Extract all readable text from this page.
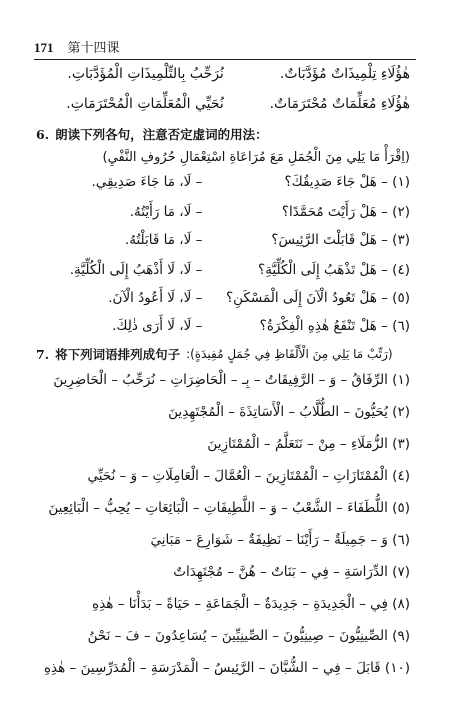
171 第十四课
هٰؤُلَاءِ تِلْمِيذَاتٌ مُؤَدَّبَاتٌ.
نُرَحِّبُ بِالتِّلْمِيذَاتِ الْمُؤَدَّبَاتِ.
هٰؤُلَاءِ مُعَلِّمَاتٌ مُحْتَرَمَاتٌ.
نُحَيِّي الْمُعَلِّمَاتِ الْمُحْتَرَمَاتِ.
6. 朗读下列各句，注意否定虚词的用法：
(اِقْرَأْ مَا يَلِي مِنَ الْجُمَلِ مَعَ مُرَاعَاةِ اسْتِعْمَالِ حُرُوفِ النَّفْيِ)
(١) – هَلْ جَاءَ صَدِيقُكَ؟
– لَا، مَا جَاءَ صَدِيقِي.
(٢) – هَلْ رَأَيْتَ مُحَمَّدًا؟
– لَا، مَا رَأَيْتُهُ.
(٣) – هَلْ قَابَلْتَ الرَّئِيسَ؟
– لَا، مَا قَابَلْتُهُ.
(٤) – هَلْ تَذْهَبُ إِلَى الْكُلِّيَّةِ؟
– لَا، لَا أَذْهَبُ إِلَى الْكُلِّيَّةِ.
(٥) – هَلْ تَعُودُ الْآنَ إِلَى الْمَسْكَنِ؟
– لَا، لَا أَعُودُ الْآنَ.
(٦) – هَلْ تَنْفَعُ هٰذِهِ الْفِكْرَةُ؟
– لَا، لَا أَرَى ذٰلِكَ.
7. 将下列词语排列成句子 (رَتِّبْ مَا يَلِي مِنَ الْأَلْفَاظِ فِي جُمَلٍ مُفِيدَةٍ):
(١) الرِّفَاقُ – وَ – الرَّفِيقَاتُ – بِـ – الْحَاضِرَاتِ – نُرَحِّبُ – الْحَاضِرِينَ
(٢) يُحَيُّونَ – الطُّلَّابُ – الْأَسَاتِذَةَ – الْمُجْتَهِدِينَ
(٣) الزُّمَلَاءِ – مِنْ – نَتَعَلَّمُ – الْمُمْتَازِينَ
(٤) الْمُمْتَازَاتِ – الْمُمْتَازِينَ – الْعُمَّالَ – الْعَامِلَاتِ – وَ – نُحَيِّي
(٥) اللُّطَفَاءَ – الشَّعْبُ – وَ – اللَّطِيفَاتِ – الْبَائِعَاتِ – يُحِبُّ – الْبَائِعِينَ
(٦) وَ – جَمِيلَةٌ – رَأَيْنَا – نَظِيفَةٌ – شَوَارِعَ – مَبَانِيَ
(٧) الدِّرَاسَةِ – فِي – بَنَاتٌ – هُنَّ – مُجْتَهِدَاتٌ
(٨) فِي – الْجَدِيدَةِ – جَدِيدَةٌ – الْجَمَاعَةِ – حَيَاةً – بَدَأْنَا – هٰذِهِ
(٩) الصِّينِيُّونَ – صِينِيُّونَ – الصِّينِيِّينَ – يُسَاعِدُونَ – فَ – نَحْنُ
(١٠) قَابَلَ – فِي – الشُّبَّانَ – الرَّئِيسُ – الْمَدْرَسَةِ – الْمُدَرِّسِينَ – هٰذِهِ
